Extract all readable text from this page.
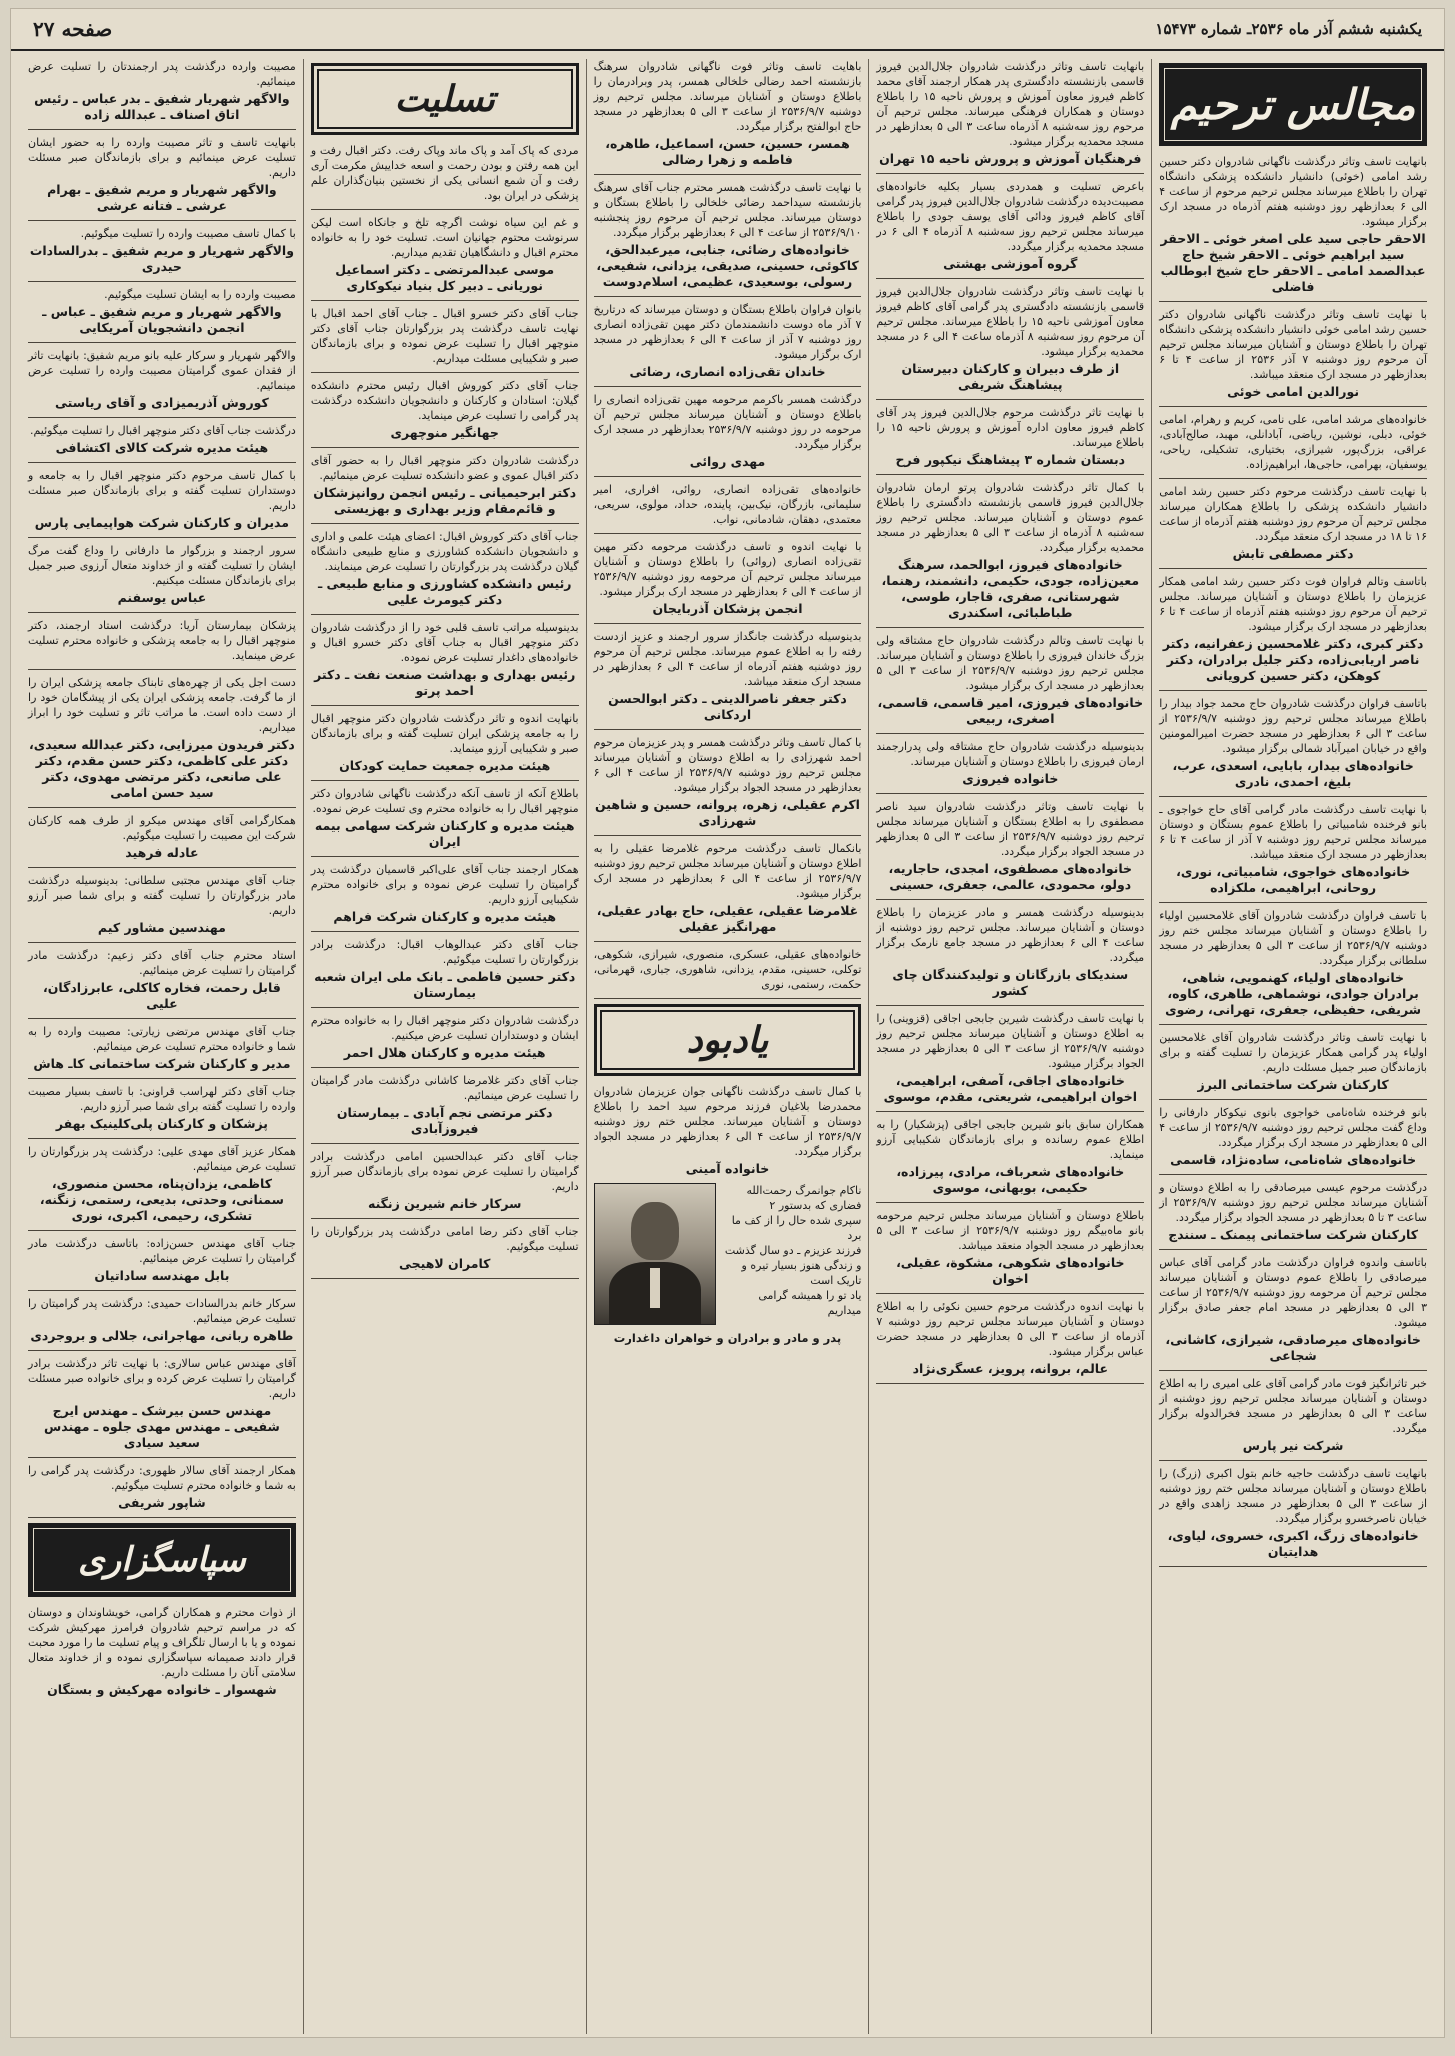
یکشنبه ششم آذر ماه ۲۵۳۶ـ شماره ۱۵۴۷۳
صفحه ۲۷
مجالس ترحیم

بانهایت تاسف وتاثر درگذشت ناگهانی شادروان دکتر حسین رشد امامی (خوئی) دانشیار دانشکده پزشکی دانشگاه تهران را باطلاع میرساند مجلس ترحیم مرحوم از ساعت ۴ الی ۶ بعدازظهر روز دوشنبه هفتم آذرماه در مسجد ارک برگزار میشود.

الاحقر حاجی سید علی اصغر خوئی ـ الاحقر سید ابراهیم خوئی ـ الاحقر شیخ حاج عبدالصمد امامی ـ الاحقر حاج شیخ ابوطالب فاضلی

با نهایت تاسف وتاثر درگذشت ناگهانی شادروان دکتر حسین رشد امامی خوئی دانشیار دانشکده پزشکی دانشگاه تهران را باطلاع دوستان و آشنایان میرساند مجلس ترحیم آن مرحوم روز دوشنبه ۷ آذر ۲۵۳۶ از ساعت ۴ تا ۶ بعدازظهر در مسجد ارک منعقد میباشد.

نورالدین امامی خوئی

خانواده‌های مرشد امامی، علی نامی، کریم و رهرام، امامی خوئی، دبلی، نوشین، ریاضی، آبادانلی، مهبد، صالح‌آبادی، عراقی، بزرگ‌پور، شیرازی، بختیاری، تشکیلی، ریاحی، یوسفیان، بهرامی، حاجی‌ها، ابراهیم‌زاده.

با نهایت تاسف درگذشت مرحوم دکتر حسین رشد امامی دانشیار دانشکده پزشکی را باطلاع همکاران میرساند مجلس ترحیم آن مرحوم روز دوشنبه هفتم آذرماه از ساعت ۱۶ تا ۱۸ در مسجد ارک منعقد میگردد.

دکتر مصطفی تابش

باتاسف وتالم فراوان فوت دکتر حسین رشد امامی همکار عزیزمان را باطلاع دوستان و آشنایان میرساند. مجلس ترحیم آن مرحوم روز دوشنبه هفتم آذرماه از ساعت ۴ تا ۶ بعدازظهر در مسجد ارک برگزار میشود.

دکتر کبری، دکتر غلامحسین زعفرانیه، دکتر ناصر اریابی‌زاده، دکتر جلیل برادران، دکتر کوهکن، دکتر حسین کرویانی

باتاسف فراوان درگذشت شادروان حاج محمد جواد بیدار را باطلاع میرساند مجلس ترحیم روز دوشنبه ۲۵۳۶/۹/۷ از ساعت ۳ الی ۶ بعدازظهر در مسجد حضرت امیرالمومنین واقع در خیابان امیرآباد شمالی برگزار میشود.

خانواده‌های بیدار، بابایی، اسعدی، عرب، بلیغ، احمدی، نادری

با نهایت تاسف درگذشت مادر گرامی آقای حاج خواجوی ـ بانو فرخنده شامبیاتی را باطلاع عموم بستگان و دوستان میرساند مجلس ترحیم روز دوشنبه ۷ آذر از ساعت ۴ تا ۶ بعدازظهر در مسجد ارک منعقد میباشد.

خانواده‌های خواجوی، شامبیاتی، نوری، روحانی، ابراهیمی، ملکزاده

با تاسف فراوان درگذشت شادروان آقای غلامحسین اولیاء را باطلاع دوستان و آشنایان میرساند مجلس ختم روز دوشنبه ۲۵۳۶/۹/۷ از ساعت ۳ الی ۵ بعدازظهر در مسجد سلطانی برگزار میگردد.

خانواده‌های اولیاء، کهنمویی، شاهی، برادران جوادی، نوشماهی، طاهری، کاوه، شریفی، حفیظی، جعفری، تهرانی، رضوی

با نهایت تاسف وتاثر درگذشت شادروان آقای غلامحسین اولیاء پدر گرامی همکار عزیزمان را تسلیت گفته و برای بازماندگان صبر جمیل مسئلت داریم.

کارکنان شرکت ساختمانی البرز

بانو فرخنده شاه‌نامی خواجوی بانوی نیکوکار دارفانی را وداع گفت مجلس ترحیم روز دوشنبه ۲۵۳۶/۹/۷ از ساعت ۴ الی ۵ بعدازظهر در مسجد ارک برگزار میگردد.

خانواده‌های شاه‌نامی، ساده‌نژاد، قاسمی

درگذشت مرحوم عیسی میرصادقی را به اطلاع دوستان و آشنایان میرساند مجلس ترحیم روز دوشنبه ۲۵۳۶/۹/۷ از ساعت ۳ تا ۵ بعدازظهر در مسجد الجواد برگزار میگردد.

کارکنان شرکت ساختمانی پیمنک ـ سنندج

باتاسف واندوه فراوان درگذشت مادر گرامی آقای عباس میرصادقی را باطلاع عموم دوستان و آشنایان میرساند مجلس ترحیم آن مرحومه روز دوشنبه ۲۵۳۶/۹/۷ از ساعت ۳ الی ۵ بعدازظهر در مسجد امام جعفر صادق برگزار میشود.

خانواده‌های میرصادقی، شیرازی، کاشانی، شجاعی

خبر تاثرانگیز فوت مادر گرامی آقای علی امیری را به اطلاع دوستان و آشنایان میرساند مجلس ترحیم روز دوشنبه از ساعت ۳ الی ۵ بعدازظهر در مسجد فخرالدوله برگزار میگردد.

شرکت نیر پارس

بانهایت تاسف درگذشت حاجیه خانم بتول اکبری (زرگ) را باطلاع دوستان و آشنایان میرساند مجلس ختم روز دوشنبه از ساعت ۳ الی ۵ بعدازظهر در مسجد زاهدی واقع در خیابان ناصرخسرو برگزار میگردد.

خانواده‌های زرگ، اکبری، خسروی، لیاوی، هدایتیان

بانهایت تاسف وتاثر درگذشت شادروان جلال‌الدین فیروز قاسمی بازنشسته دادگستری پدر همکار ارجمند آقای محمد کاظم فیروز معاون آموزش و پرورش ناحیه ۱۵ را باطلاع دوستان و همکاران فرهنگی میرساند. مجلس ترحیم آن مرحوم روز سه‌شنبه ۸ آذرماه ساعت ۳ الی ۵ بعدازظهر در مسجد محمدیه برگزار میشود.

فرهنگیان آموزش و پرورش ناحیه ۱۵ تهران

باعرض تسلیت و همدردی بسیار بکلیه خانواده‌های مصیبت‌دیده درگذشت شادروان جلال‌الدین فیروز پدر گرامی آقای کاظم فیروز ودائی آقای یوسف جودی را باطلاع میرساند مجلس ترحیم روز سه‌شنبه ۸ آذرماه ۴ الی ۶ در مسجد محمدیه برگزار میگردد.

گروه آموزشی بهشتی

با نهایت تاسف وتاثر درگذشت شادروان جلال‌الدین فیروز قاسمی بازنشسته دادگستری پدر گرامی آقای کاظم فیروز معاون آموزشی ناحیه ۱۵ را باطلاع میرساند. مجلس ترحیم آن مرحوم روز سه‌شنبه ۸ آذرماه ساعت ۴ الی ۶ در مسجد محمدیه برگزار میشود.

از طرف دبیران و کارکنان دبیرستان پیشاهنگ شریفی

با نهایت تاثر درگذشت مرحوم جلال‌الدین فیروز پدر آقای کاظم فیروز معاون اداره آموزش و پرورش ناحیه ۱۵ را باطلاع میرساند.

دبستان شماره ۳ پیشاهنگ نیکپور فرح

با کمال تاثر درگذشت شادروان پرتو ارمان شادروان جلال‌الدین فیروز قاسمی بازنشسته دادگستری را باطلاع عموم دوستان و آشنایان میرساند. مجلس ترحیم روز سه‌شنبه ۸ آذرماه از ساعت ۳ الی ۵ بعدازظهر در مسجد محمدیه برگزار میگردد.

خانواده‌های فیروز، ابوالحمد، سرهنگ معین‌زاده، جودی، حکیمی، دانشمند، رهنما، شهرستانی، صفری، قاجار، طوسی، طباطبائی، اسکندری

با نهایت تاسف وتالم درگذشت شادروان حاج مشتاقه ولی بزرگ خاندان فیروزی را باطلاع دوستان و آشنایان میرساند. مجلس ترحیم روز دوشنبه ۲۵۳۶/۹/۷ از ساعت ۳ الی ۵ بعدازظهر در مسجد ارک برگزار میشود.

خانواده‌های فیروزی، امیر قاسمی، قاسمی، اصغری، ربیعی

بدینوسیله درگذشت شادروان حاج مشتاقه ولی پدرارجمند ارمان فیروزی را باطلاع دوستان و آشنایان میرساند.

خانواده فیروزی

با نهایت تاسف وتاثر درگذشت شادروان سید ناصر مصطفوی را به اطلاع بستگان و آشنایان میرساند مجلس ترحیم روز دوشنبه ۲۵۳۶/۹/۷ از ساعت ۳ الی ۵ بعدازظهر در مسجد الجواد برگزار میگردد.

خانواده‌های مصطفوی، امجدی، حاجاریه، دولو، محمودی، عالمی، جعفری، حسینی

بدینوسیله درگذشت همسر و مادر عزیزمان را باطلاع دوستان و آشنایان میرساند. مجلس ترحیم روز دوشنبه از ساعت ۴ الی ۶ بعدازظهر در مسجد جامع نارمک برگزار میگردد.

سندیکای بازرگانان و تولیدکنندگان چای کشور

با نهایت تاسف درگذشت شیرین جابجی اجاقی (قزوینی) را به اطلاع دوستان و آشنایان میرساند مجلس ترحیم روز دوشنبه ۲۵۳۶/۹/۷ از ساعت ۳ الی ۵ بعدازظهر در مسجد الجواد برگزار میشود.

خانواده‌های اجاقی، آصفی، ابراهیمی، اخوان ابراهیمی، شریعتی، مقدم، موسوی

همکاران سابق بانو شیرین جابجی اجاقی (پزشکیار) را به اطلاع عموم رسانده و برای بازماندگان شکیبایی آرزو مینماید.

خانواده‌های شعرباف، مرادی، پیرزاده، حکیمی، بوبهانی، موسوی

باطلاع دوستان و آشنایان میرساند مجلس ترحیم مرحومه بانو ماه‌بیگم روز دوشنبه ۲۵۳۶/۹/۷ از ساعت ۳ الی ۵ بعدازظهر در مسجد الجواد منعقد میباشد.

خانواده‌های شکوهی، مشکوة، عقیلی، اخوان

با نهایت اندوه درگذشت مرحوم حسین نکوئی را به اطلاع دوستان و آشنایان میرساند مجلس ترحیم روز دوشنبه ۷ آذرماه از ساعت ۳ الی ۵ بعدازظهر در مسجد حضرت عباس برگزار میشود.

عالم، بروانه، پرویز، عسگری‌نژاد

باهایت تاسف وتاثر فوت ناگهانی شادروان سرهنگ بازنشسته احمد رضالی خلخالی همسر، پدر وبرادرمان را باطلاع دوستان و آشنایان میرساند. مجلس ترحیم روز دوشنبه ۲۵۳۶/۹/۷ از ساعت ۳ الی ۵ بعدازظهر در مسجد حاج ابوالفتح برگزار میگردد.

همسر، حسین، حسن، اسماعیل، طاهره، فاطمه و زهرا رضالی

با نهایت تاسف درگذشت همسر محترم جناب آقای سرهنگ بازنشسته سیداحمد رضائی خلخالی را باطلاع بستگان و دوستان میرساند. مجلس ترحیم آن مرحوم روز پنجشنبه ۲۵۳۶/۹/۱۰ از ساعت ۴ الی ۶ بعدازظهر برگزار میگردد.

خانواده‌های رضائی، جنابی، میرعبدالحق، کاکوئی، حسینی، صدیقی، یزدانی، شفیعی، رسولی، بوسعیدی، عظیمی، اسلام‌دوست

بانوان فراوان باطلاع بستگان و دوستان میرساند که درتاریخ ۷ آذر ماه دوست دانشمندمان دکتر مهین تقی‌زاده انصاری روز دوشنبه ۷ آذر از ساعت ۴ الی ۶ بعدازظهر در مسجد ارک برگزار میشود.

خاندان تقی‌زاده انصاری، رضائی

درگذشت همسر باکرمم مرحومه مهین تقی‌زاده انصاری را باطلاع دوستان و آشنایان میرساند مجلس ترحیم آن مرحومه در روز دوشنبه ۲۵۳۶/۹/۷ بعدازظهر در مسجد ارک برگزار میگردد.

مهدی روائی

خانواده‌های تقی‌زاده انصاری، روائی، افراری، امیر سلیمانی، بازرگان، نیک‌بین، پاینده، حداد، مولوی، سریعی، معتمدی، دهقان، شادمانی، نواب.

با نهایت اندوه و تاسف درگذشت مرحومه دکتر مهین تقی‌زاده انصاری (روائی) را باطلاع دوستان و آشنایان میرساند مجلس ترحیم آن مرحومه روز دوشنبه ۲۵۳۶/۹/۷ از ساعت ۴ الی ۶ بعدازظهر در مسجد ارک برگزار میشود.

انجمن پزشکان آذربایجان

بدینوسیله درگذشت جانگداز سرور ارجمند و عزیز ازدست رفته را به اطلاع عموم میرساند. مجلس ترحیم آن مرحوم روز دوشنبه هفتم آذرماه از ساعت ۴ الی ۶ بعدازظهر در مسجد ارک منعقد میباشد.

دکتر جعفر ناصرالدینی ـ دکتر ابوالحسن اردکانی

با کمال تاسف وتاثر درگذشت همسر و پدر عزیزمان مرحوم احمد شهرزادی را به اطلاع دوستان و آشنایان میرساند مجلس ترحیم روز دوشنبه ۲۵۳۶/۹/۷ از ساعت ۴ الی ۶ بعدازظهر در مسجد الجواد برگزار میشود.

اکرم عقیلی، زهره، پروانه، حسین و شاهین شهرزادی

بانکمال تاسف درگذشت مرحوم غلامرضا عقیلی را به اطلاع دوستان و آشنایان میرساند مجلس ترحیم روز دوشنبه ۲۵۳۶/۹/۷ از ساعت ۴ الی ۶ بعدازظهر در مسجد ارک برگزار میشود.

غلامرضا عقیلی، عقیلی، حاج بهادر عقیلی، مهرانگیز عقیلی

خانواده‌های عقیلی، عسکری، منصوری، شیرازی، شکوهی، توکلی، حسینی، مقدم، یزدانی، شاهوری، جباری، قهرمانی، حکمت، رستمی، نوری

یادبود

با کمال تاسف درگذشت ناگهانی جوان عزیزمان شادروان محمدرضا بلاغیان فرزند مرحوم سید احمد را باطلاع دوستان و آشنایان میرساند. مجلس ختم روز دوشنبه ۲۵۳۶/۹/۷ از ساعت ۴ الی ۶ بعدازظهر در مسجد الجواد برگزار میگردد.

خانواده آمینی

ناکام جوانمرگ رحمت‌الله فضاری که بدستور ۲

سپری شده حال را از کف ما برد

فرزند عزیزم ـ دو سال گذشت

و زندگی هنوز بسیار تیره و تاریک است

یاد تو را همیشه گرامی میداریم

پدر و مادر و برادران و خواهران داغدارت
تسلیت

مردی که پاک آمد و پاک ماند وپاک رفت. دکتر اقبال رفت و این همه رفتن و بودن رحمت و اسعه خداییش مکرمت آری رفت و آن شمع انسانی یکی از نخستین بنیان‌گذاران علم پزشکی در ایران بود.

و غم این سیاه نوشت اگرچه تلخ و جانکاه است لیکن سرنوشت محتوم جهانیان است. تسلیت خود را به خانواده محترم اقبال و دانشگاهیان تقدیم میداریم.

موسی عبدالمرتضی ـ دکتر اسماعیل نوریانی ـ دبیر کل بنیاد نیکوکاری

جناب آقای دکتر خسرو اقبال ـ جناب آقای احمد اقبال با نهایت تاسف درگذشت پدر بزرگوارتان جناب آقای دکتر منوچهر اقبال را تسلیت عرض نموده و برای بازماندگان صبر و شکیبایی مسئلت میداریم.

جناب آقای دکتر کوروش اقبال رئیس محترم دانشکده گیلان: استادان و کارکنان و دانشجویان دانشکده درگذشت پدر گرامی را تسلیت عرض مینماید.

جهانگیر منوچهری

درگذشت شادروان دکتر منوچهر اقبال را به حضور آقای دکتر اقبال عموی و عضو دانشکده تسلیت عرض مینمائیم.

دکتر ابرحیمیانی ـ رئیس انجمن روانپزشکان و قائم‌مقام وزیر بهداری و بهزیستی

جناب آقای دکتر کوروش اقبال: اعضای هیئت علمی و اداری و دانشجویان دانشکده کشاورزی و منابع طبیعی دانشگاه گیلان درگذشت پدر بزرگوارتان را تسلیت عرض مینمایند.

رئیس دانشکده کشاورزی و منابع طبیعی ـ دکتر کیومرث علیی

بدینوسیله مراتب تاسف قلبی خود را از درگذشت شادروان دکتر منوچهر اقبال به جناب آقای دکتر خسرو اقبال و خانواده‌های داغدار تسلیت عرض نموده.

رئیس بهداری و بهداشت صنعت نفت ـ دکتر احمد پرتو

بانهایت اندوه و تاثر درگذشت شادروان دکتر منوچهر اقبال را به جامعه پزشکی ایران تسلیت گفته و برای بازماندگان صبر و شکیبایی آرزو مینماید.

هیئت مدیره جمعیت حمایت کودکان

باطلاع آنکه از تاسف آنکه درگذشت ناگهانی شادروان دکتر منوچهر اقبال را به خانواده محترم وی تسلیت عرض نموده.

هیئت مدیره و کارکنان شرکت سهامی بیمه ایران

همکار ارجمند جناب آقای علی‌اکبر قاسمیان درگذشت پدر گرامیتان را تسلیت عرض نموده و برای خانواده محترم شکیبایی آرزو داریم.

هیئت مدیره و کارکنان شرکت فراهم

جناب آقای دکتر عبدالوهاب اقبال: درگذشت برادر بزرگوارتان را تسلیت میگوئیم.

دکتر حسین فاطمی ـ بانک ملی ایران شعبه بیمارستان

درگذشت شادروان دکتر منوچهر اقبال را به خانواده محترم ایشان و دوستداران تسلیت عرض میکنیم.

هیئت مدیره و کارکنان هلال احمر

جناب آقای دکتر غلامرضا کاشانی درگذشت مادر گرامیتان را تسلیت عرض مینمائیم.

دکتر مرتضی نجم آبادی ـ بیمارستان فیروزآبادی

جناب آقای دکتر عبدالحسین امامی درگذشت برادر گرامیتان را تسلیت عرض نموده برای بازماندگان صبر آرزو داریم.

سرکار خانم شیرین زنگنه

جناب آقای دکتر رضا امامی درگذشت پدر بزرگوارتان را تسلیت میگوئیم.

کامران لاهیجی

مصیبت وارده درگذشت پدر ارجمندتان را تسلیت عرض مینمائیم.

والاگهر شهریار شفیق ـ بدر عباس ـ رئیس اتاق اصناف ـ عبدالله زاده

بانهایت تاسف و تاثر مصیبت وارده را به حضور ایشان تسلیت عرض مینمائیم و برای بازماندگان صبر مسئلت داریم.

والاگهر شهریار و مریم شفیق ـ بهرام عرشی ـ فتانه عرشی

با کمال تاسف مصیبت وارده را تسلیت میگوئیم.

والاگهر شهریار و مریم شفیق ـ بدرالسادات حیدری

مصیبت وارده را به ایشان تسلیت میگوئیم.

والاگهر شهریار و مریم شفیق ـ عباس ـ انجمن دانشجویان آمریکایی

والاگهر شهریار و سرکار علیه بانو مریم شفیق: بانهایت تاثر از فقدان عموی گرامیتان مصیبت وارده را تسلیت عرض مینمائیم.

کوروش آذریمیزادی و آقای ریاستی

درگذشت جناب آقای دکتر منوچهر اقبال را تسلیت میگوئیم.

هیئت مدیره شرکت کالای اکتشافی

با کمال تاسف مرحوم دکتر منوچهر اقبال را به جامعه و دوستداران تسلیت گفته و برای بازماندگان صبر مسئلت داریم.

مدیران و کارکنان شرکت هواپیمایی پارس

سرور ارجمند و بزرگوار ما دارفانی را وداع گفت مرگ ایشان را تسلیت گفته و از خداوند متعال آرزوی صبر جمیل برای بازماندگان مسئلت میکنیم.

عباس یوسفنم

پزشکان بیمارستان آریا: درگذشت استاد ارجمند، دکتر منوچهر اقبال را به جامعه پزشکی و خانواده محترم تسلیت عرض مینماید.

دست اجل یکی از چهره‌های تابناک جامعه پزشکی ایران را از ما گرفت. جامعه پزشکی ایران یکی از پیشگامان خود را از دست داده است. ما مراتب تاثر و تسلیت خود را ابراز میداریم.

دکتر فریدون میرزایی، دکتر عبدالله سعیدی، دکتر علی کاظمی، دکتر حسن مقدم، دکتر علی صانعی، دکتر مرتضی مهدوی، دکتر سید حسن امامی

همکارگرامی آقای مهندس میکرو از طرف همه کارکنان شرکت این مصیبت را تسلیت میگوئیم.

عادله فرهید

جناب آقای مهندس مجتبی سلطانی: بدینوسیله درگذشت مادر بزرگوارتان را تسلیت گفته و برای شما صبر آرزو داریم.

مهندسین مشاور کیم

استاد محترم جناب آقای دکتر زعیم: درگذشت مادر گرامیتان را تسلیت عرض مینمائیم.

قابل رحمت، فخاره کاکلی، عابرزادگان، علیی

جناب آقای مهندس مرتضی زیارتی: مصیبت وارده را به شما و خانواده محترم تسلیت عرض مینمائیم.

مدیر و کارکنان شرکت ساختمانی کاـ هاش

جناب آقای دکتر لهراسب قراونی: با تاسف بسیار مصیبت وارده را تسلیت گفته برای شما صبر آرزو داریم.

پزشکان و کارکنان پلی‌کلینیک بهفر

همکار عزیز آقای مهدی علیی: درگذشت پدر بزرگوارتان را تسلیت عرض مینمائیم.

کاظمی، یزدان‌پناه، محسن منصوری، سمنانی، وحدتی، بدیعی، رستمی، زنگنه، تشکری، رحیمی، اکبری، نوری

جناب آقای مهندس حسن‌زاده: باتاسف درگذشت مادر گرامیتان را تسلیت عرض مینمائیم.

بابل مهندسه ساداتیان

سرکار خانم بدرالسادات حمیدی: درگذشت پدر گرامیتان را تسلیت عرض مینمائیم.

طاهره ربانی، مهاجرانی، جلالی و بروجردی

آقای مهندس عباس سالاری: با نهایت تاثر درگذشت برادر گرامیتان را تسلیت عرض کرده و برای خانواده صبر مسئلت داریم.

مهندس حسن بیرشک ـ مهندس ایرج شفیعی ـ مهندس مهدی جلوه ـ مهندس سعید سیادی

همکار ارجمند آقای سالار ظهوری: درگذشت پدر گرامی را به شما و خانواده محترم تسلیت میگوئیم.

شاپور شریفی
سپاسگزاری

از ذوات محترم و همکاران گرامی، خویشاوندان و دوستان که در مراسم ترحیم شادروان فرامرز مهرکیش شرکت نموده و یا با ارسال تلگراف و پیام تسلیت ما را مورد محبت قرار دادند صمیمانه سپاسگزاری نموده و از خداوند متعال سلامتی آنان را مسئلت داریم.

شهسوار ـ خانواده مهرکیش و بستگان
